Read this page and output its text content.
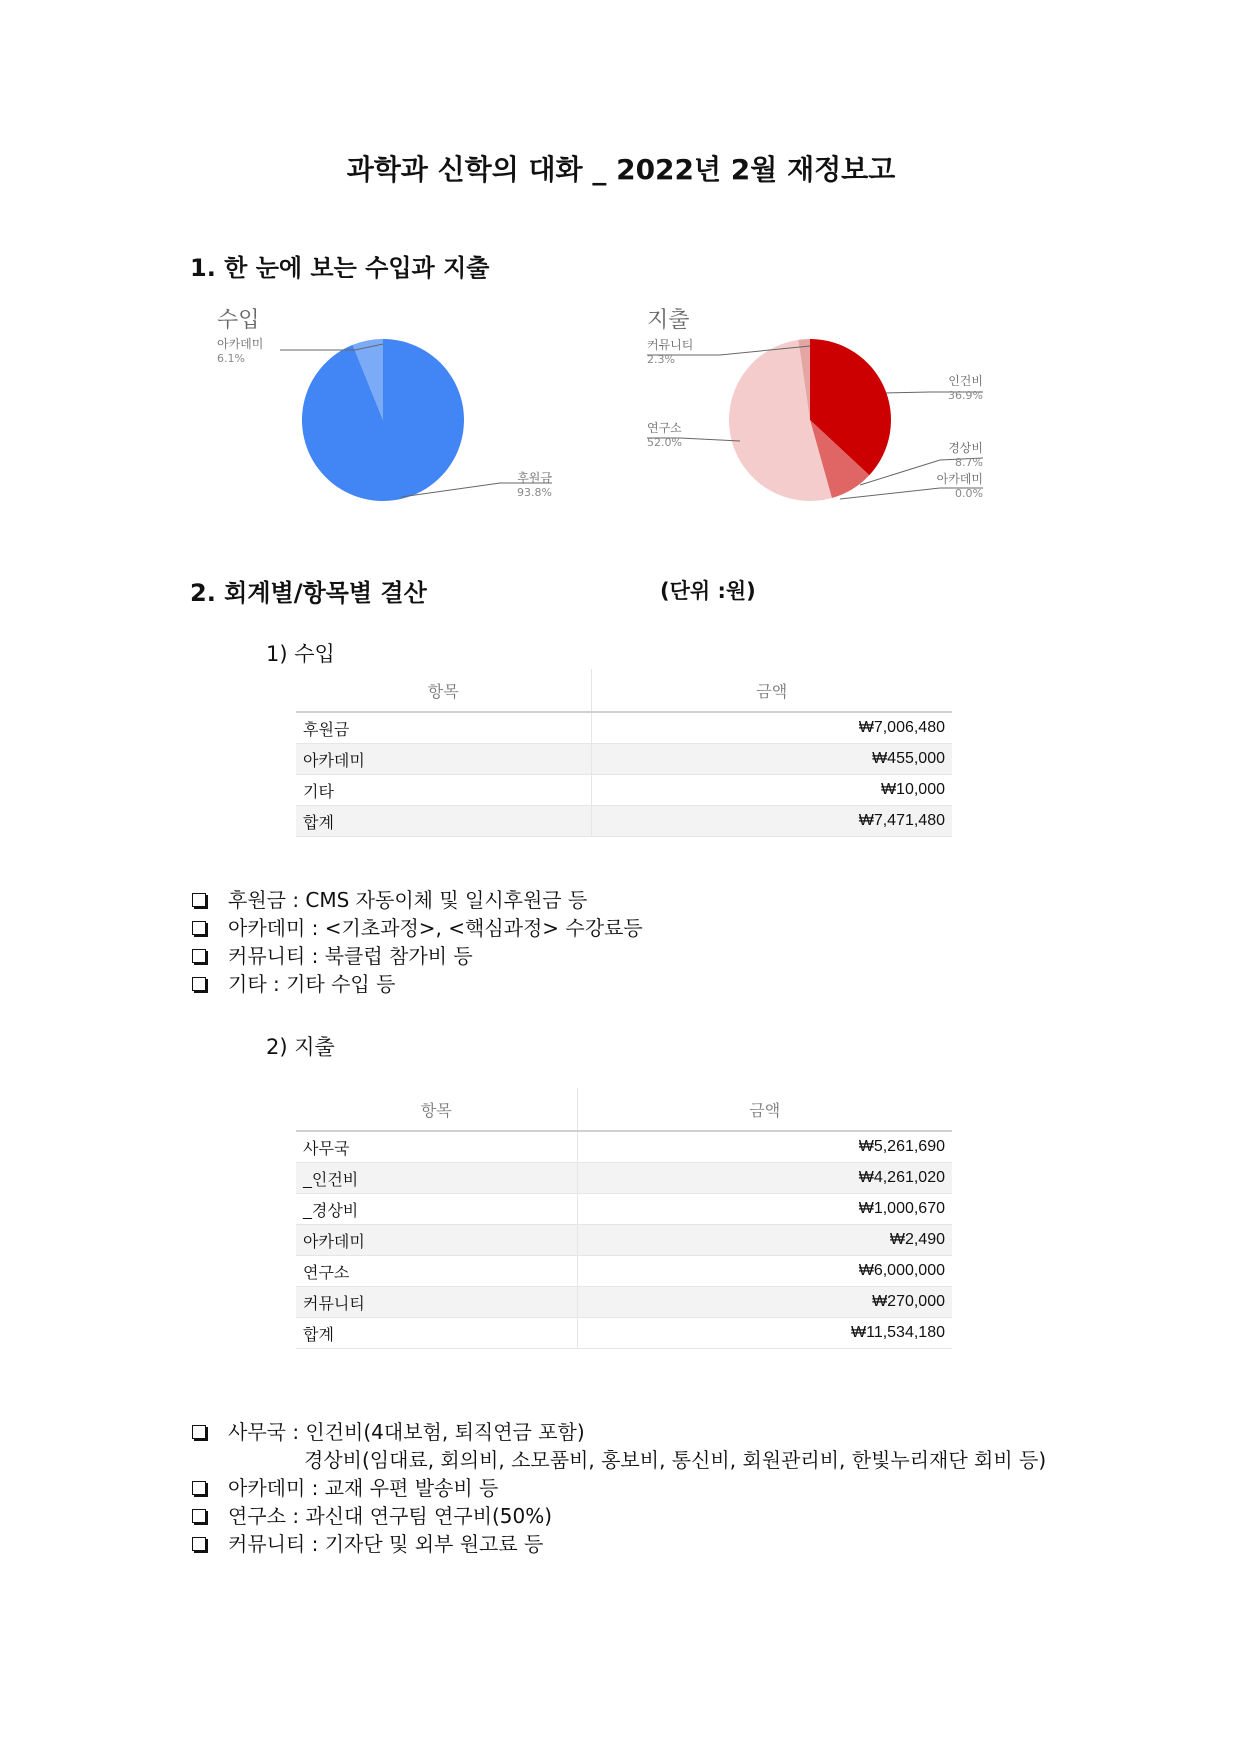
과학과 신학의 대화 _ 2022년 2월 재정보고
1. 한 눈에 보는 수입과 지출
수입
아카데미
6.1%
후원금
93.8%
지출
커뮤니티
2.3%
인건비
36.9%
연구소
52.0%	경상비
8.7%
아카데미
0.0%
2. 회계별/항목별 결산	(단위 :원)
1) 수입
항목	금액
후원금	₩7,006,480
아카데미	₩455,000
기타	₩10,000
합계	₩7,471,480
후원금 : CMS 자동이체 및 일시후원금 등
아카데미 : <기초과정>, <핵심과정> 수강료등
커뮤니티 : 북클럽 참가비 등
기타 : 기타 수입 등
2) 지출
항목	금액
사무국	₩5,261,690
_인건비	₩4,261,020
_경상비	₩1,000,670
아카데미	₩2,490
연구소	₩6,000,000
커뮤니티	₩270,000
합계	₩11,534,180
사무국 : 인건비(4대보험, 퇴직연금 포함)
경상비(임대료, 회의비, 소모품비, 홍보비, 통신비, 회원관리비, 한빛누리재단 회비 등)
아카데미 : 교재 우편 발송비 등
연구소 : 과신대 연구팀 연구비(50%)
커뮤니티 : 기자단 및 외부 원고료 등
